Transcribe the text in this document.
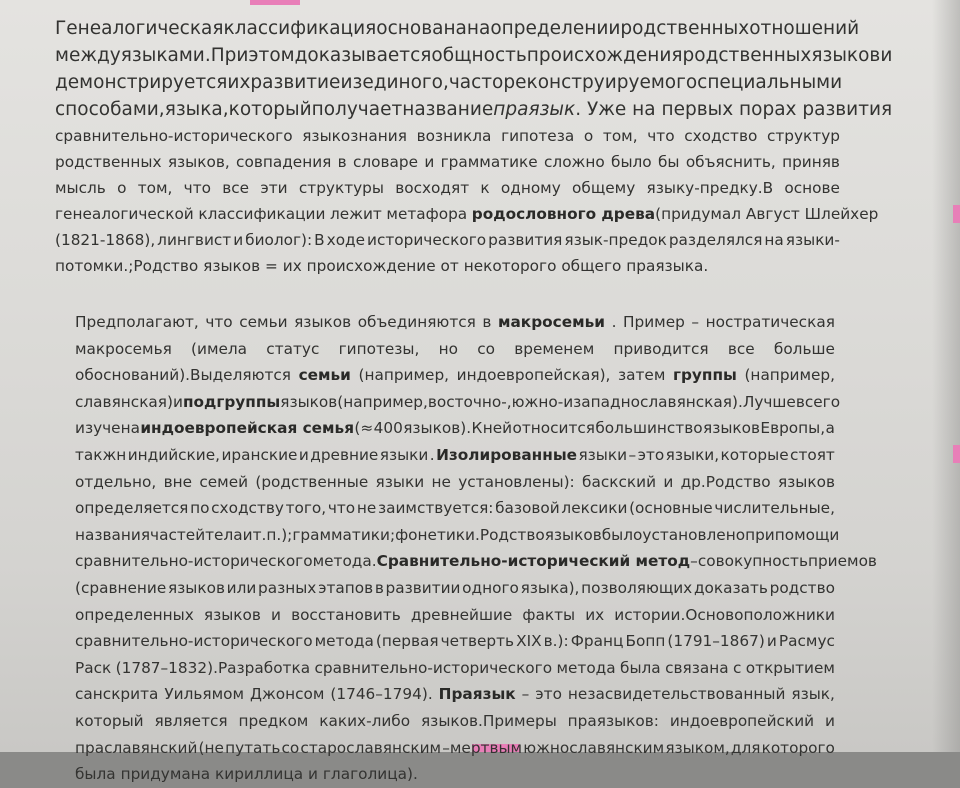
Генеалогическая классификация основана на определении родственных отношений
между языками. При этом доказывается общность происхождения родственных языков и
демонстрируется их развитие из единого, часто реконструируемого специальными
способами, языка, который получает название праязык. Уже на первых порах развития
сравнительно-исторического языкознания возникла гипотеза о том, что сходство структур
родственных языков, совпадения в словаре и грамматике сложно было бы объяснить, приняв
мысль о том, что все эти структуры восходят к одному общему языку-предку.В основе
генеалогической классификации лежит метафора родословного древа (придумал Август Шлейхер
(1821-1868), лингвист и биолог): В ходе исторического развития язык-предок разделялся на языки-
потомки.;Родство языков = их происхождение от некоторого общего праязыка.
Предполагают, что семьи языков объединяются в макросемьи . Пример – ностратическая
макросемья (имела статус гипотезы, но со временем приводится все больше
обоснований).Выделяются семьи (например, индоевропейская), затем группы (например,
славянская) и подгруппы языков (например, восточно-, южно- и западнославянская).Лучше всего
изучена индоевропейская семья (≈ 400 языков). К ней относится большинство языков Европы, а
такжн индийские, иранские и древние языки . Изолированные языки – это языки, которые стоят
отдельно, вне семей (родственные языки не установлены): баскский и др.Родство языков
определяется по сходству того, что не заимствуется: базовой лексики (основные числительные,
названия частей тела и т.п.);грамматики;фонетики.Родство языков было установлено при помощи
сравнительно-исторического метода. Сравнительно-исторический метод – совокупность приемов
(сравнение языков или разных этапов в развитии одного языка), позволяющих доказать родство
определенных языков и восстановить древнейшие факты их истории.Основоположники
сравнительно-исторического метода (первая четверть XIX в.): Франц Бопп (1791–1867) и Расмус
Раск (1787–1832).Разработка сравнительно-исторического метода была связана с открытием
санскрита Уильямом Джонсом (1746–1794). Праязык – это незасвидетельствованный язык,
который является предком каких-либо языков.Примеры праязыков: индоевропейский и
праславянский (не путать со старославянским –мертвым южнославянским языком, для которого
была придумана кириллица и глаголица).
